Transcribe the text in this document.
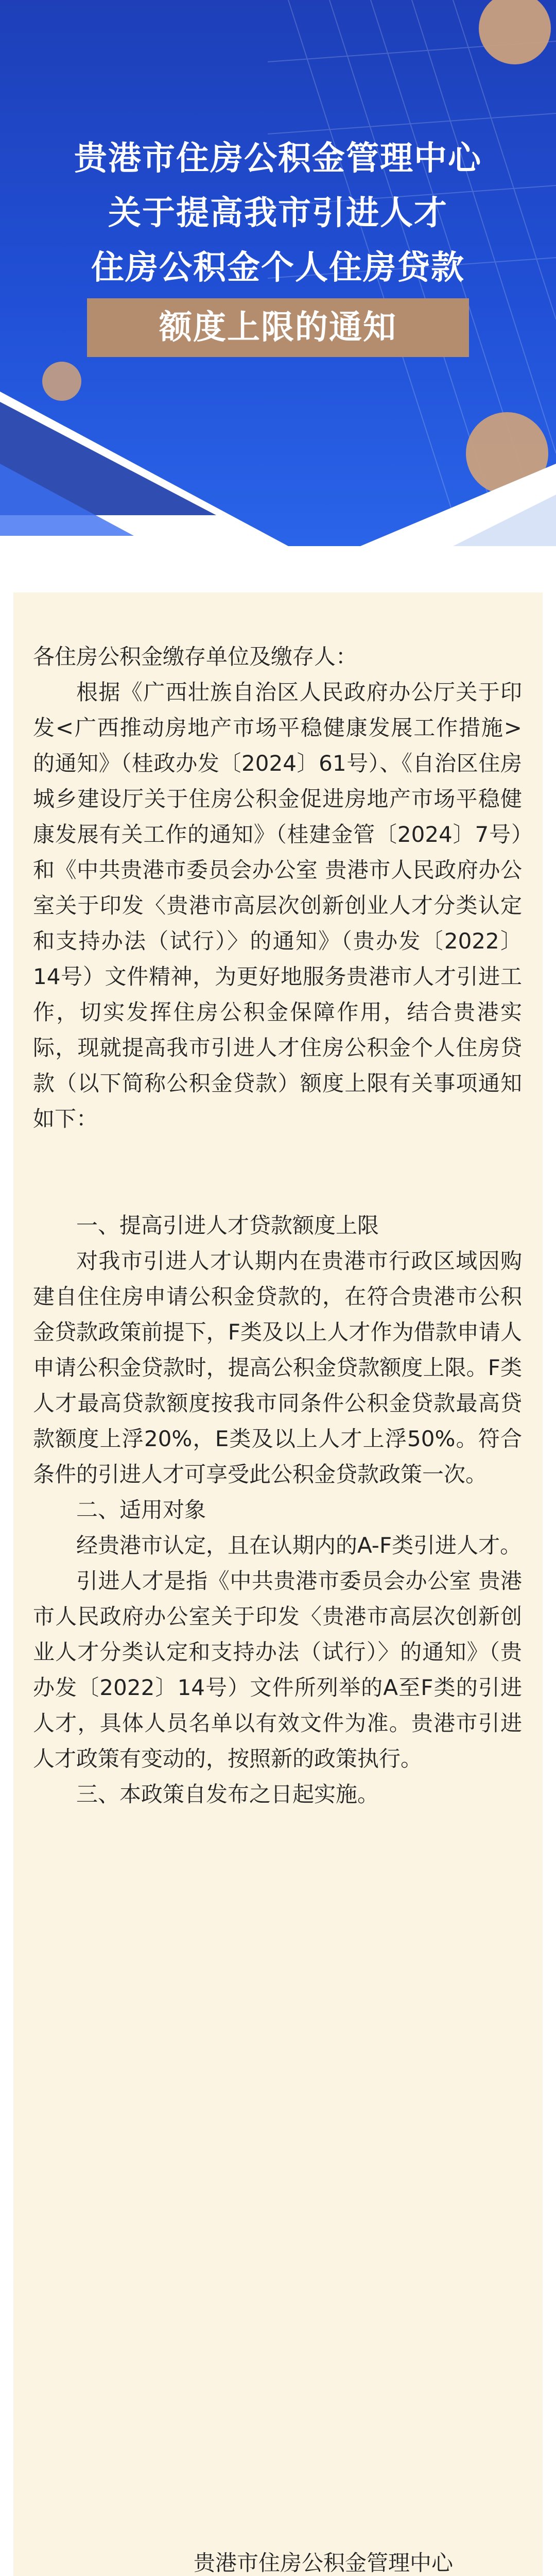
贵港市住房公积金管理中心
关于提高我市引进人才
住房公积金个人住房贷款
额度上限的通知

各住房公积金缴存单位及缴存人：

根据《广西壮族自治区人民政府办公厅关于印发<广西推动房地产市场平稳健康发展工作措施>的通知》（桂政办发〔2024〕61号）、《自治区住房城乡建设厅关于住房公积金促进房地产市场平稳健康发展有关工作的通知》（桂建金管〔2024〕7号）和《中共贵港市委员会办公室 贵港市人民政府办公室关于印发〈贵港市高层次创新创业人才分类认定和支持办法（试行）〉的通知》（贵办发〔2022〕14号）文件精神，为更好地服务贵港市人才引进工作，切实发挥住房公积金保障作用，结合贵港实际，现就提高我市引进人才住房公积金个人住房贷款（以下简称公积金贷款）额度上限有关事项通知如下：

一、提高引进人才贷款额度上限

对我市引进人才认期内在贵港市行政区域因购建自住住房申请公积金贷款的，在符合贵港市公积金贷款政策前提下，F类及以上人才作为借款申请人申请公积金贷款时，提高公积金贷款额度上限。F类人才最高贷款额度按我市同条件公积金贷款最高贷款额度上浮20%，E类及以上人才上浮50%。符合条件的引进人才可享受此公积金贷款政策一次。

二、适用对象

经贵港市认定，且在认期内的A-F类引进人才。

引进人才是指《中共贵港市委员会办公室 贵港市人民政府办公室关于印发〈贵港市高层次创新创业人才分类认定和支持办法（试行）〉的通知》（贵办发〔2022〕14号）文件所列举的A至F类的引进人才，具体人员名单以有效文件为准。贵港市引进人才政策有变动的，按照新的政策执行。

三、本政策自发布之日起实施。

贵港市住房公积金管理中心
